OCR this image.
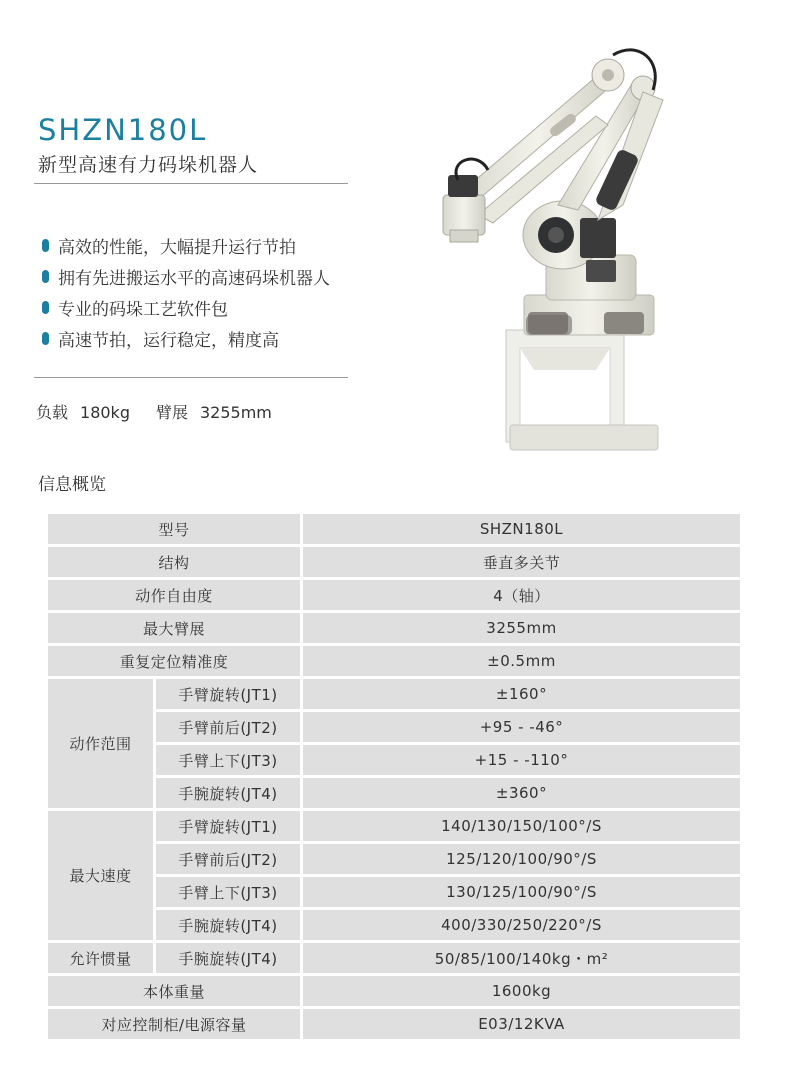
SHZN180L
新型高速有力码垛机器人
高效的性能，大幅提升运行节拍
拥有先进搬运水平的高速码垛机器人
专业的码垛工艺软件包
高速节拍，运行稳定，精度高
负载 180kg 臂展 3255mm
信息概览
型号		SHZN180L
结构		垂直多关节
动作自由度		4（轴）
最大臂展		3255mm
重复定位精准度		±0.5mm
动作范围	手臂旋转(JT1)	±160°
	手臂前后(JT2)	+95 - -46°
	手臂上下(JT3)	+15 - -110°
	手腕旋转(JT4)	±360°
最大速度	手臂旋转(JT1)	140/130/150/100°/S
	手臂前后(JT2)	125/120/100/90°/S
	手臂上下(JT3)	130/125/100/90°/S
	手腕旋转(JT4)	400/330/250/220°/S
允许惯量	手腕旋转(JT4)	50/85/100/140kg・m²
本体重量		1600kg
对应控制柜/电源容量		E03/12KVA
